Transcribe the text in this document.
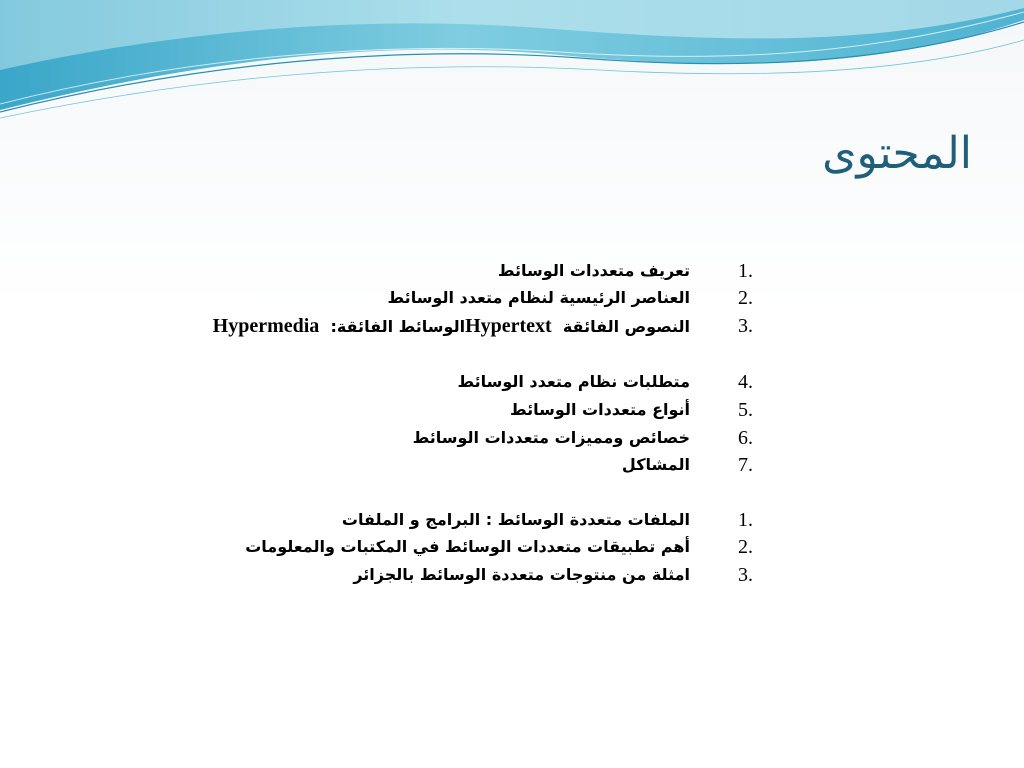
المحتوى
1.
تعريف متعددات الوسائط
2.
العناصر الرئيسية لنظام متعدد الوسائط
3.
النصوص الفائقة  Hypertextالوسائط الفائقة:  Hypermedia
4.
متطلبات نظام متعدد الوسائط
5.
أنواع متعددات الوسائط
6.
خصائص ومميزات متعددات الوسائط
7.
المشاكل
1.
الملفات متعددة الوسائط : البرامج و الملفات
2.
أهم تطبيقات متعددات الوسائط في المكتبات والمعلومات
3.
امثلة من منتوجات متعددة الوسائط بالجزائر
